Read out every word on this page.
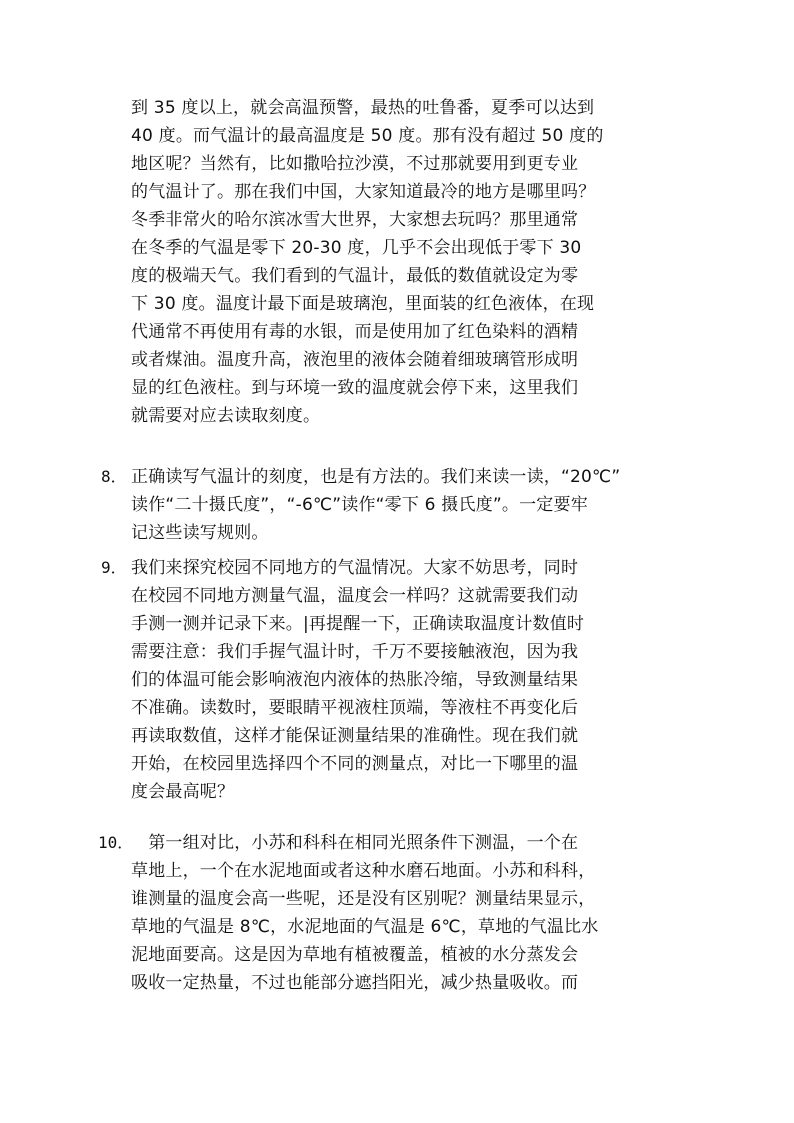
到 35 度以上，就会高温预警，最热的吐鲁番，夏季可以达到
40 度。而气温计的最高温度是 50 度。那有没有超过 50 度的
地区呢？当然有，比如撒哈拉沙漠，不过那就要用到更专业
的气温计了。那在我们中国，大家知道最冷的地方是哪里吗？
冬季非常火的哈尔滨冰雪大世界，大家想去玩吗？那里通常
在冬季的气温是零下 20-30 度，几乎不会出现低于零下 30
度的极端天气。我们看到的气温计，最低的数值就设定为零
下 30 度。温度计最下面是玻璃泡，里面装的红色液体，在现
代通常不再使用有毒的水银，而是使用加了红色染料的酒精
或者煤油。温度升高，液泡里的液体会随着细玻璃管形成明
显的红色液柱。到与环境一致的温度就会停下来，这里我们
就需要对应去读取刻度。
8． 正确读写气温计的刻度，也是有方法的。我们来读一读，“20℃”
读作“二十摄氏度”，“-6℃”读作“零下 6 摄氏度”。一定要牢
记这些读写规则。
9． 我们来探究校园不同地方的气温情况。大家不妨思考，同时
在校园不同地方测量气温，温度会一样吗？这就需要我们动
手测一测并记录下来。|再提醒一下，正确读取温度计数值时
需要注意：我们手握气温计时，千万不要接触液泡，因为我
们的体温可能会影响液泡内液体的热胀冷缩，导致测量结果
不准确。读数时，要眼睛平视液柱顶端，等液柱不再变化后
再读取数值，这样才能保证测量结果的准确性。现在我们就
开始，在校园里选择四个不同的测量点，对比一下哪里的温
度会最高呢？
10．
　第一组对比，小苏和科科在相同光照条件下测温，一个在
草地上，一个在水泥地面或者这种水磨石地面。小苏和科科，
谁测量的温度会高一些呢，还是没有区别呢？测量结果显示，
草地的气温是 8℃，水泥地面的气温是 6℃，草地的气温比水
泥地面要高。这是因为草地有植被覆盖，植被的水分蒸发会
吸收一定热量，不过也能部分遮挡阳光，减少热量吸收。而
